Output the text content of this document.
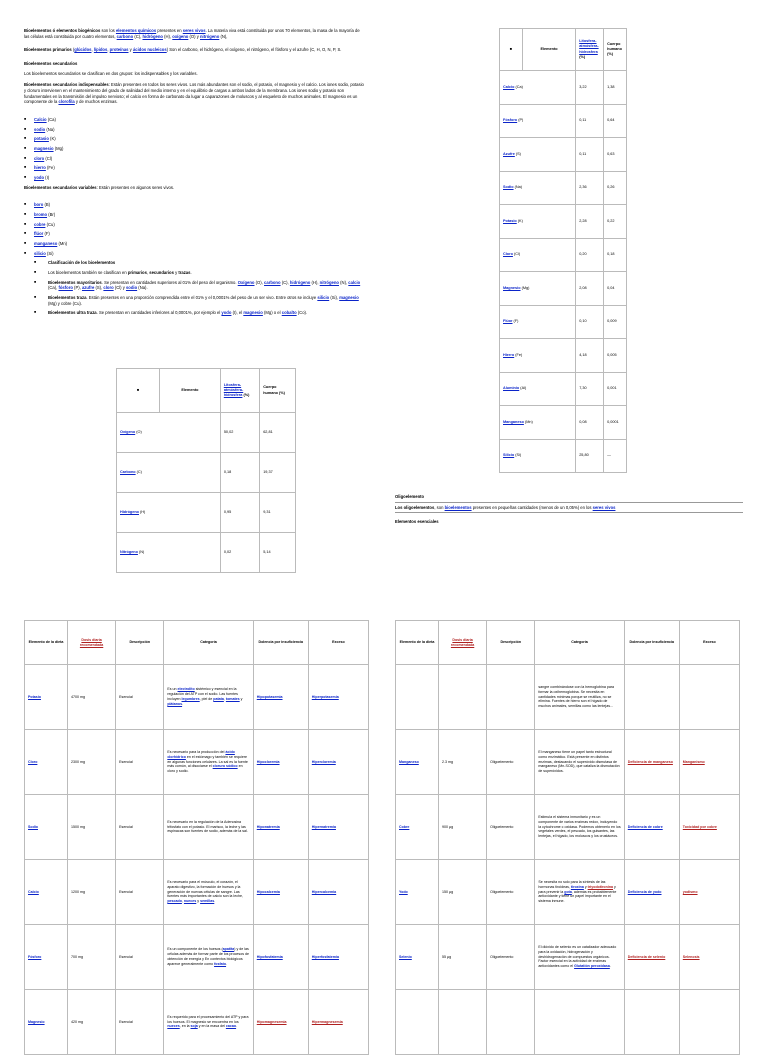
Bioelementos ó elementos biogénicos son los elementos químicos presentes en seres vivos. La materia viva está constituida por unos 70 elementos, la masa de la mayoría de las células está constituida por cuatro elementos, carbono (C), hidrógeno (H), oxígeno (O) y nitrógeno (N),

Bioelementos primarios (glúcidos, lípidos, proteínas y ácidos nucleicos) Son el carbono, el hidrógeno, el oxígeno, el nitrógeno, el fósforo y el azufre (C, H, O, N, P, S.

Bioelementos secundarios

Los bioelementos secundarios se clasifican en dos grupos: los indispensables y los variables.

Bioelementos secundarios indispensables: Están presentes en todos los seres vivos. Los más abundantes son el sodio, el potasio, el magnesio y el calcio. Los iones sodio, potasio y cloruro intervienen en el mantenimiento del grado de salinidad del medio interno y en el equilibrio de cargas a ambos lados de la membrana. Los iones sodio y potasio son fundamentales en la transmisión del impulso nervioso; el calcio en forma de carbonato da lugar a caparazones de moluscos y al esqueleto de muchos animales. El magnesio es un componente de la clorofila y de muchos enzimas.

■ Calcio (Ca)
■ sodio (Na)
■ potasio (K)
■ magnesio (Mg)
■ cloro (Cl)
■ hierro (Fe)
■ yodo (I)

Bioelementos secundarios variables: Están presentes en algunos seres vivos.

■ boro (B)
■ bromo (Br)
■ cobre (Cu)
■ flúor (F)
■ manganeso (Mn)
■ silicio (Si)
■ Clasificación de los bioelementos
■ Los bioelementos también se clasifican en primarios, secundarios y trazas.
■ Bioelementos mayoritarios. Se presentan en cantidades superiores al 01% del peso del organismo. Oxígeno (O), carbono (C), hidrógeno (H), nitrógeno (N), calcio (Ca), fósforo (P), azufre (S), cloro (Cl) y sodio (Na).
■ Bioelementos traza. Están presentes en una proporción comprendida entre el 01% y el 0,0001% del peso de un ser vivo. Entre otros se incluye silicio (Si), magnesio (Mg) y cobre (Cu).
■ Bioelementos ultra traza. Se presentan en cantidades inferiores al 0,0001%, por ejemplo el yodo (I), el magnesio (Mg) o el cobalto (Co).
■	Elemento	Litosfera-atmósfera-hidrosfera (%)	Cuerpo humano (%)
Oxígeno (O)		50,02	62,81
Carbono (C)		0,18	19,37
Hidrógeno (H)		0,95	9,31
Nitrógeno (N)		0,02	5,14
■	Elemento	Litosfera-atmósfera-hidrosfera (%)	Cuerpo humano (%)
Calcio (Ca)		3,22	1,38
Fósforo (P)		0,11	0,64
Azufre (S)		0,11	0,63
Sodio (Na)		2,36	0,26
Potasio (K)		2,28	0,22
Cloro (Cl)		0,20	0,18
Magnesio (Mg)		2,08	0,04
Flúor (F)		0,10	0,009
Hierro (Fe)		4,18	0,005
Aluminio (Al)		7,30	0,001
Manganeso (Mn)		0,08	0,0001
Silicio (Si)		25,80	—

Oligoelemento

Los oligoelementos, son bioelementos presentes en pequeñas cantidades (menos de un 0,05%) en los seres vivos

Elementos esenciales

Elemento de la dieta	Dosis diaria recomendada	Descripción	Categoría	Dolencia por insuficiencia	Exceso
Potasio	4700 mg	Esencial	Es un electrolito sistémico y esencial en la regulación del ATP con el sodio. Las fuentes incluyen legumbres, piel de patata, tomates y plátanos.	Hipopotasemia	Hiperpotasemia
Cloro	2300 mg	Esencial	Es necesario para la producción del ácido clorhídrico en el estómago y también se requiere en algunas funciones celulares. La sal es la fuente más común, al disociarse el cloruro sódico en cloro y sodio.	Hipocloremia	Hipercloremia
Sodio	1500 mg	Esencial	Es necesario en la regulación de la Adenosina trifosfato con el potasio. El marisco, la leche y las espinacas son fuentes de sodio, además de la sal.	Hiponatremia	Hipernatremia
Calcio	1200 mg	Esencial	Es necesario para el músculo, el corazón, el aparato digestivo, la formación de huesos y la generación de nuevas células de sangre. Las fuentes más importantes de calcio son la leche, pescado, nueces y semillas.	Hipocalcemia	Hipercalcemia
Fósforo	700 mg	Esencial	Es un componente de los huesos (apatita) y de las células además de formar parte de los procesos de obtención de energía y En contextos biológicos aparece generalmente como fosfato.	Hipofosfatemia	Hiperfosfatemia
Magnesio	420 mg	Esencial	Es requerido para el procesamiento del ATP y para los huesos. El magnesio se encuentra en los nueces, en la soja y en la masa del cacao.	Hipomagnesemia	Hipermagnesemia
Elemento de la dieta	Dosis diaria recomendada	Descripción	Categoría	Dolencia por insuficiencia	Exceso
			sangre combinándose con la hemoglobina para formar la oxihemoglobina. Se necesita en cantidades mínimas porque se reutiliza, no se elimina. Fuentes de hierro son el hígado de muchos animales, semillas como las lentejas...		
Manganeso	2.3 mg	Oligoelemento	El manganeso tiene un papel tanto estructural como enzimático. Está presente en distintos enzimas, destacando el superóxido dismutasa de manganeso (Mn-SOD), que cataliza la dismutación de superóxidos.	Deficiencia de manganeso	Manganismo
Cobre	900 µg	Oligoelemento	Estimula el sistema inmunitario y es un componente de varios enzimas redox, incluyendo la cytochrome c oxidasa. Podemos obtenerlo en los vegetales verdes, el pescado, los guisantes, las lentejas, el hígado, los moluscos y los crustáceos.	Deficiencia de cobre	Toxicidad por cobre
Yodo	150 µg	Oligoelemento	Se necesita no solo para la síntesis de las hormonas tiroideas, tiroxina y triyodotironina y para prevenir la gota, además es probablemente antioxidante y tiene un papel importante en el sistema inmune.	Deficiencia de yodo	yodismo
Selenio	55 µg	Oligoelemento	El dióxido de selenio es un catalizador adecuado para la oxidación, hidrogenación y deshidrogenación de compuestos orgánicos. Factor esencial en la actividad de enzimas antioxidantes como el Glutatión peroxidasa.	Deficiencia de selenio	Selenosis
